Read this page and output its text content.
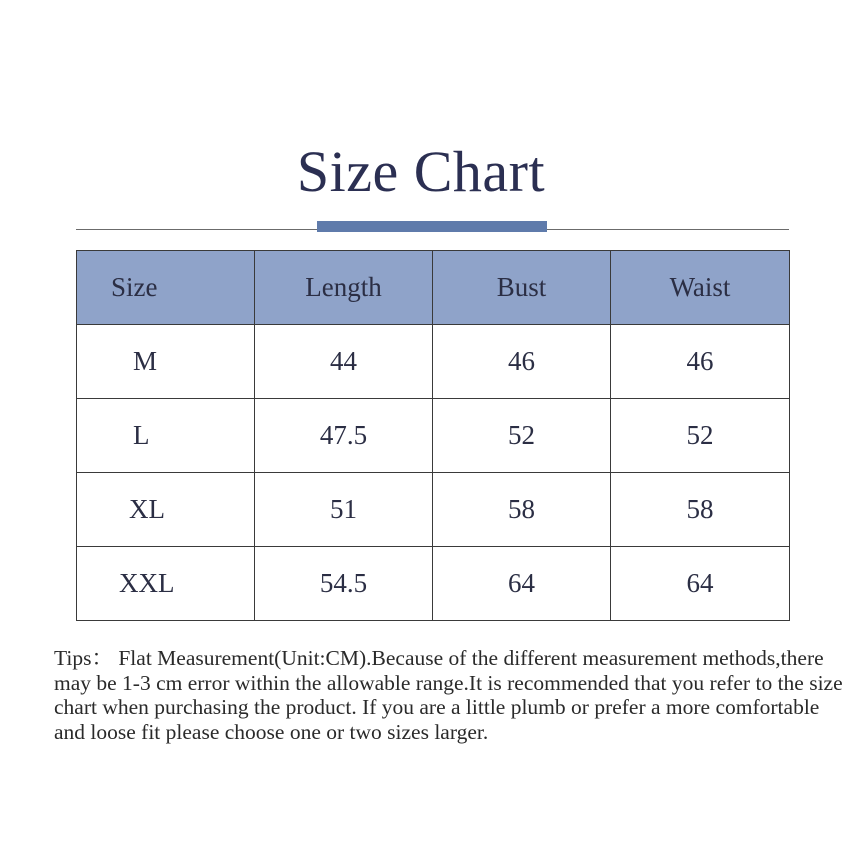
Size Chart
Size	Length	Bust	Waist
M	44	46	46
L	47.5	52	52
XL	51	58	58
XXL	54.5	64	64
Tips： Flat Measurement(Unit:CM).Because of the different measurement methods,there may be 1-3 cm error within the allowable range.It is recommended that you refer to the size chart when purchasing the product. If you are a little plumb or prefer a more comfortable and loose fit please choose one or two sizes larger.
